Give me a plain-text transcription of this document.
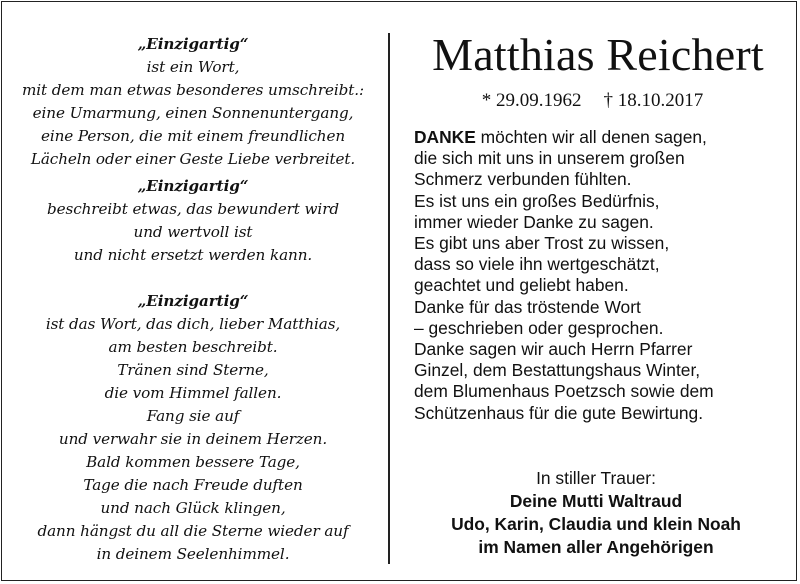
„Einzigartig“
ist ein Wort,
mit dem man etwas besonderes umschreibt.:
eine Umarmung, einen Sonnenuntergang,
eine Person, die mit einem freundlichen
Lächeln oder einer Geste Liebe verbreitet.
„Einzigartig“
beschreibt etwas, das bewundert wird
und wertvoll ist
und nicht ersetzt werden kann.
„Einzigartig“
ist das Wort, das dich, lieber Matthias,
am besten beschreibt.
Tränen sind Sterne,
die vom Himmel fallen.
Fang sie auf
und verwahr sie in deinem Herzen.
Bald kommen bessere Tage,
Tage die nach Freude duften
und nach Glück klingen,
dann hängst du all die Sterne wieder auf
in deinem Seelenhimmel.
Matthias Reichert
* 29.09.1962 † 18.10.2017
DANKE möchten wir all denen sagen,
die sich mit uns in unserem großen
Schmerz verbunden fühlten.
Es ist uns ein großes Bedürfnis,
immer wieder Danke zu sagen.
Es gibt uns aber Trost zu wissen,
dass so viele ihn wertgeschätzt,
geachtet und geliebt haben.
Danke für das tröstende Wort
– geschrieben oder gesprochen.
Danke sagen wir auch Herrn Pfarrer
Ginzel, dem Bestattungshaus Winter,
dem Blumenhaus Poetzsch sowie dem
Schützenhaus für die gute Bewirtung.
In stiller Trauer:
Deine Mutti Waltraud
Udo, Karin, Claudia und klein Noah
im Namen aller Angehörigen
